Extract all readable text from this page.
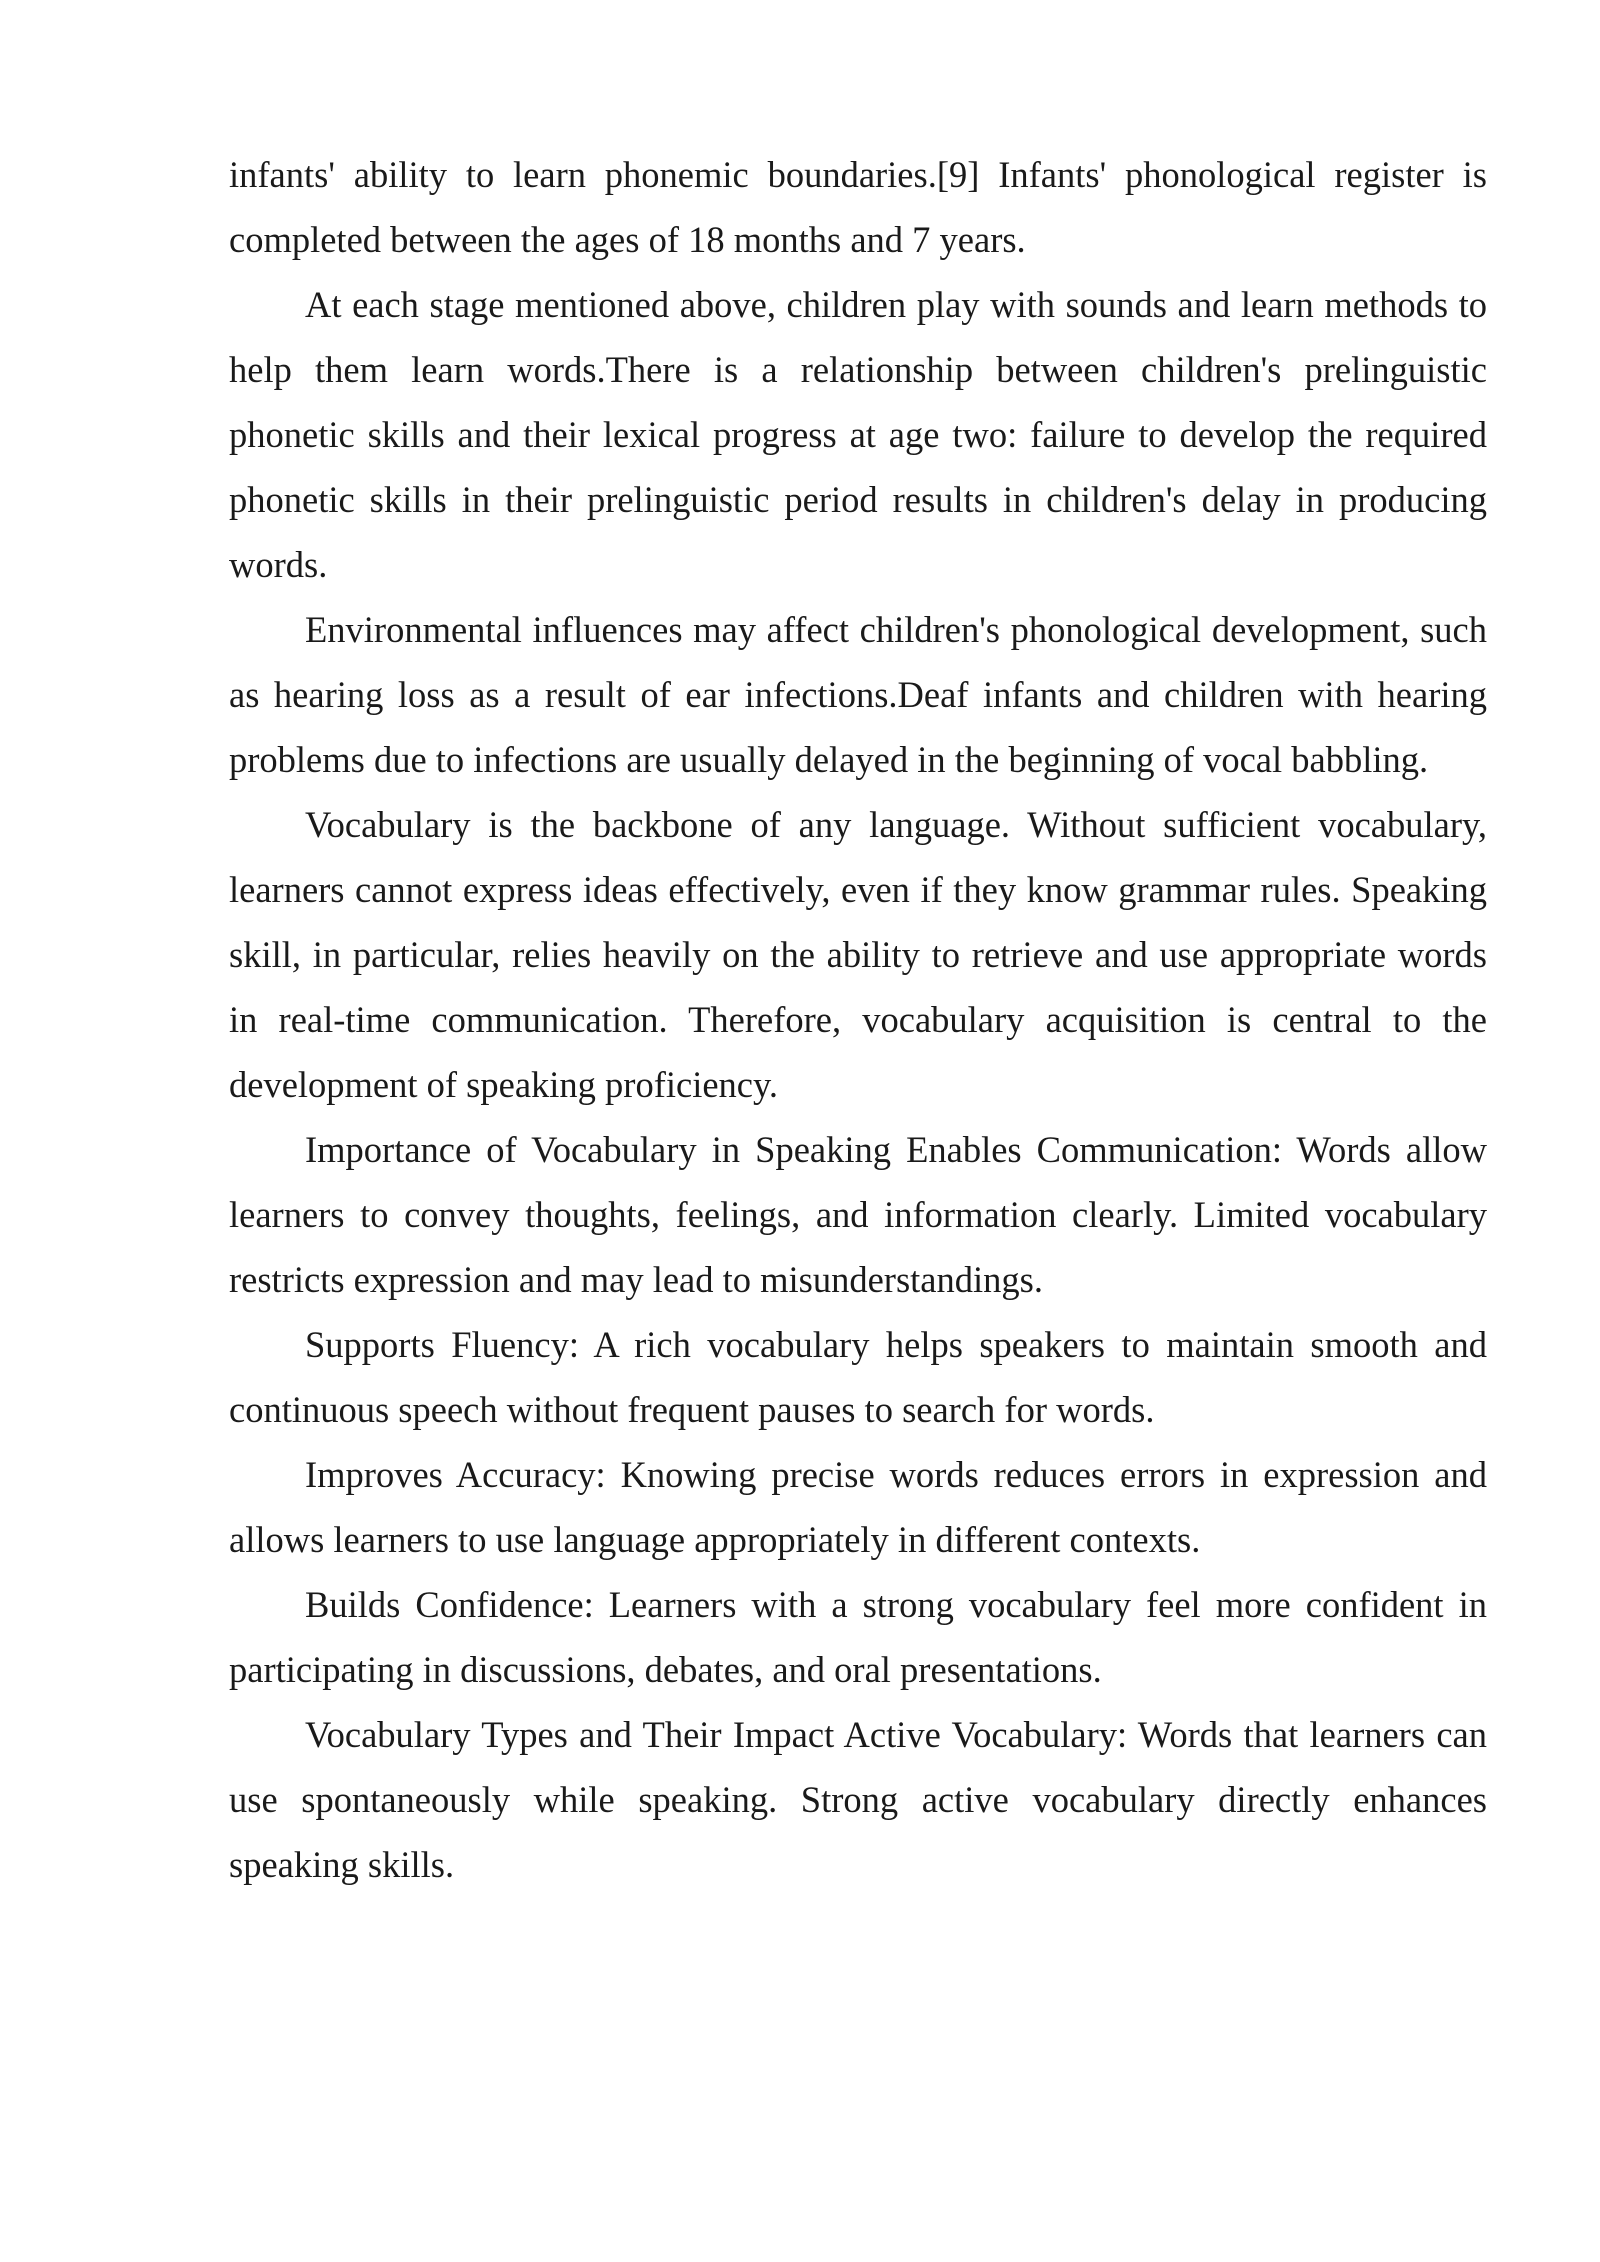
infants' ability to learn phonemic boundaries.[9] Infants' phonological register is completed between the ages of 18 months and 7 years.

At each stage mentioned above, children play with sounds and learn methods to help them learn words.There is a relationship between children's prelinguistic phonetic skills and their lexical progress at age two: failure to develop the required phonetic skills in their prelinguistic period results in children's delay in producing words.

Environmental influences may affect children's phonological development, such as hearing loss as a result of ear infections.Deaf infants and children with hearing problems due to infections are usually delayed in the beginning of vocal babbling.

Vocabulary is the backbone of any language. Without sufficient vocabulary, learners cannot express ideas effectively, even if they know grammar rules. Speaking skill, in particular, relies heavily on the ability to retrieve and use appropriate words in real-time communication. Therefore, vocabulary acquisition is central to the development of speaking proficiency.

Importance of Vocabulary in Speaking Enables Communication: Words allow learners to convey thoughts, feelings, and information clearly. Limited vocabulary restricts expression and may lead to misunderstandings.

Supports Fluency: A rich vocabulary helps speakers to maintain smooth and continuous speech without frequent pauses to search for words.

Improves Accuracy: Knowing precise words reduces errors in expression and allows learners to use language appropriately in different contexts.

Builds Confidence: Learners with a strong vocabulary feel more confident in participating in discussions, debates, and oral presentations.

Vocabulary Types and Their Impact Active Vocabulary: Words that learners can use spontaneously while speaking. Strong active vocabulary directly enhances speaking skills.
